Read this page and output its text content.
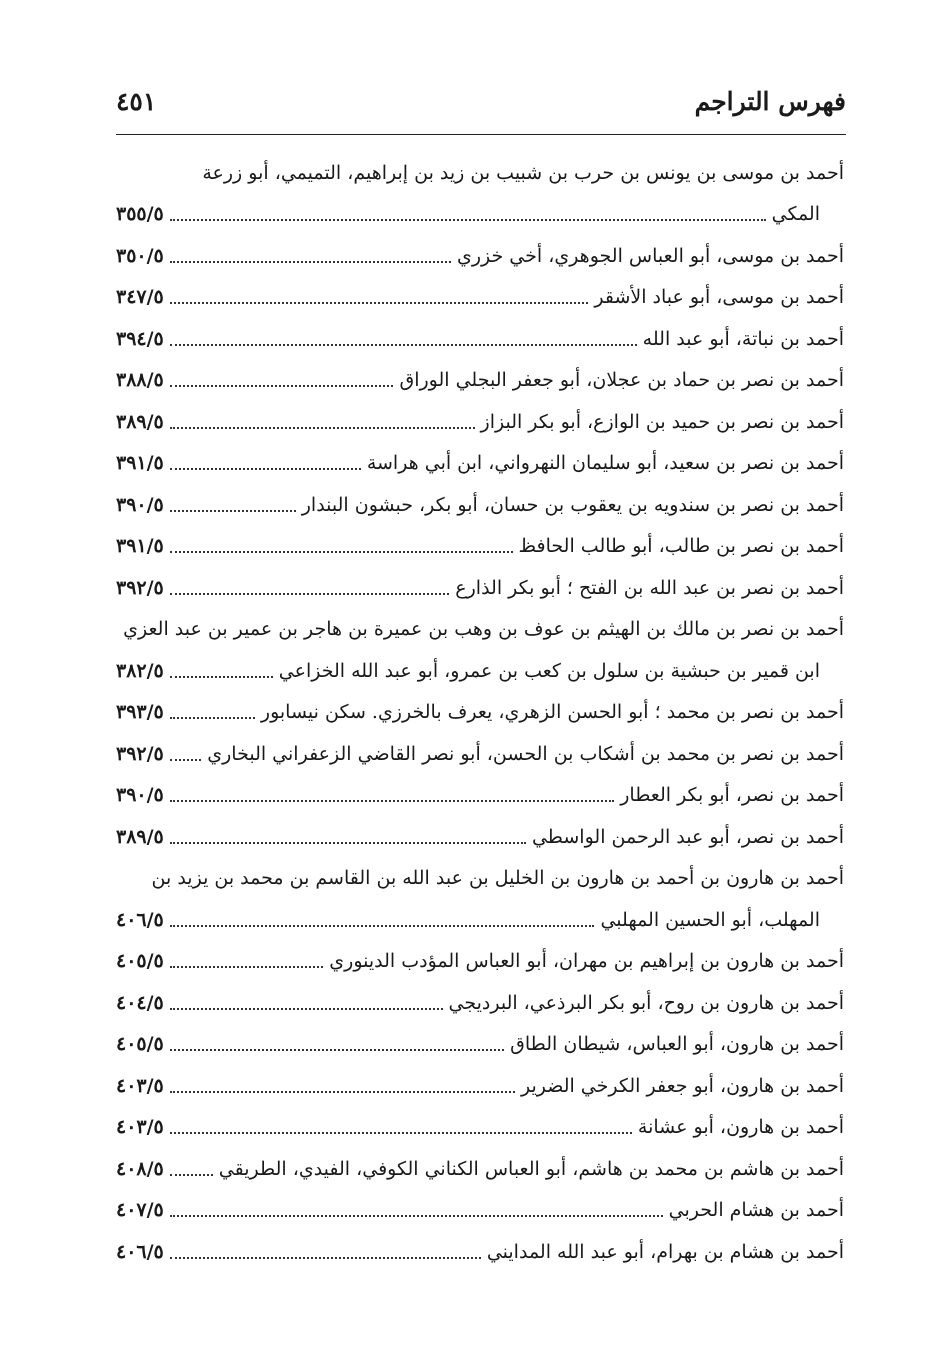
فهرس التراجم
٤٥١
أحمد بن موسى بن يونس بن حرب بن شبيب بن زيد بن إبراهيم، التميمي، أبو زرعة
المكي
٣٥٥/٥
أحمد بن موسى، أبو العباس الجوهري، أخي خزري
٣٥٠/٥
أحمد بن موسى، أبو عباد الأشقر
٣٤٧/٥
أحمد بن نباتة، أبو عبد الله
٣٩٤/٥
أحمد بن نصر بن حماد بن عجلان، أبو جعفر البجلي الوراق
٣٨٨/٥
أحمد بن نصر بن حميد بن الوازع، أبو بكر البزاز
٣٨٩/٥
أحمد بن نصر بن سعيد، أبو سليمان النهرواني، ابن أبي هراسة
٣٩١/٥
أحمد بن نصر بن سندويه بن يعقوب بن حسان، أبو بكر، حبشون البندار
٣٩٠/٥
أحمد بن نصر بن طالب، أبو طالب الحافظ
٣٩١/٥
أحمد بن نصر بن عبد الله بن الفتح ؛ أبو بكر الذارع
٣٩٢/٥
أحمد بن نصر بن مالك بن الهيثم بن عوف بن وهب بن عميرة بن هاجر بن عمير بن عبد العزي
ابن قمير بن حبشية بن سلول بن كعب بن عمرو، أبو عبد الله الخزاعي
٣٨٢/٥
أحمد بن نصر بن محمد ؛ أبو الحسن الزهري، يعرف بالخرزي. سكن نيسابور
٣٩٣/٥
أحمد بن نصر بن محمد بن أشكاب بن الحسن، أبو نصر القاضي الزعفراني البخاري
٣٩٢/٥
أحمد بن نصر، أبو بكر العطار
٣٩٠/٥
أحمد بن نصر، أبو عبد الرحمن الواسطي
٣٨٩/٥
أحمد بن هارون بن أحمد بن هارون بن الخليل بن عبد الله بن القاسم بن محمد بن يزيد بن
المهلب، أبو الحسين المهلبي
٤٠٦/٥
أحمد بن هارون بن إبراهيم بن مهران، أبو العباس المؤدب الدينوري
٤٠٥/٥
أحمد بن هارون بن روح، أبو بكر البرذعي، البرديجي
٤٠٤/٥
أحمد بن هارون، أبو العباس، شيطان الطاق
٤٠٥/٥
أحمد بن هارون، أبو جعفر الكرخي الضرير
٤٠٣/٥
أحمد بن هارون، أبو عشانة
٤٠٣/٥
أحمد بن هاشم بن محمد بن هاشم، أبو العباس الكناني الكوفي، الفيدي، الطريقي
٤٠٨/٥
أحمد بن هشام الحربي
٤٠٧/٥
أحمد بن هشام بن بهرام، أبو عبد الله المدايني
٤٠٦/٥
